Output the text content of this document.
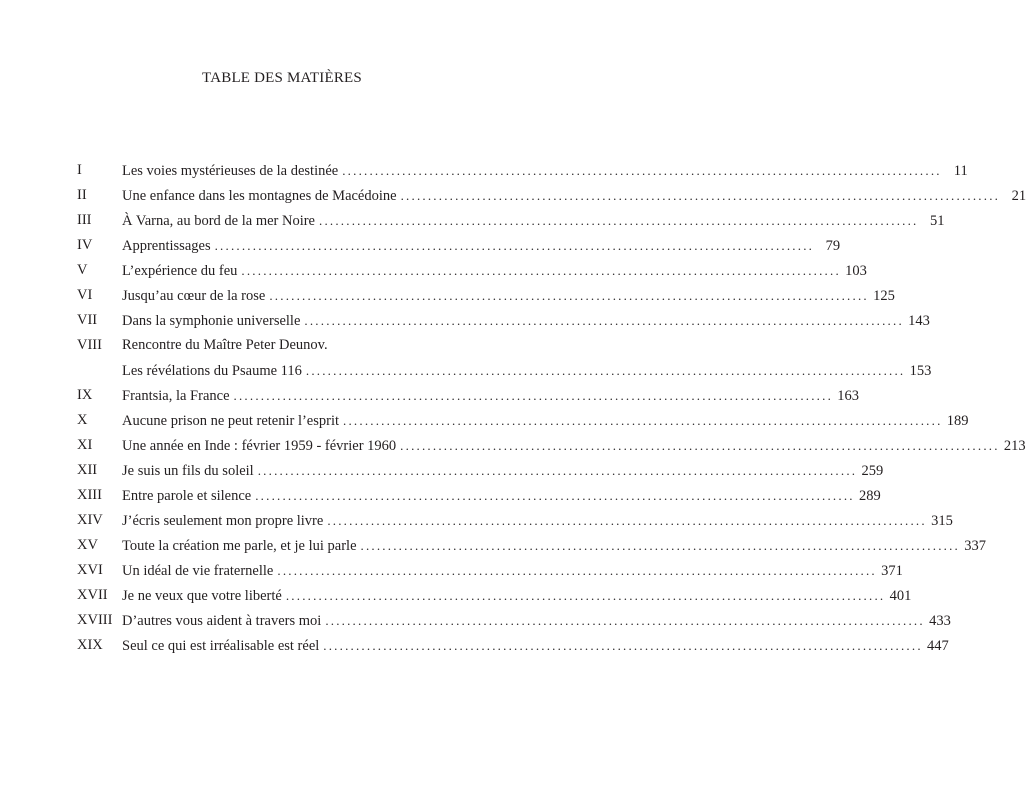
TABLE DES MATIÈRES
I	Les voies mystérieuses de la destinée .............................................................................................................. 11
II	Une enfance dans les montagnes de Macédoine .............................................................................................................. 21
III	À Varna, au bord de la mer Noire .............................................................................................................. 51
IV	Apprentissages .............................................................................................................. 79
V	L’expérience du feu .............................................................................................................. 103
VI	Jusqu’au cœur de la rose .............................................................................................................. 125
VII	Dans la symphonie universelle .............................................................................................................. 143
VIII	Rencontre du Maître Peter Deunov.
Les révélations du Psaume 116 .............................................................................................................. 153
IX	Frantsia, la France .............................................................................................................. 163
X	Aucune prison ne peut retenir l’esprit .............................................................................................................. 189
XI	Une année en Inde : février 1959 - février 1960 .............................................................................................................. 213
XII	Je suis un fils du soleil .............................................................................................................. 259
XIII	Entre parole et silence .............................................................................................................. 289
XIV	J’écris seulement mon propre livre .............................................................................................................. 315
XV	Toute la création me parle, et je lui parle .............................................................................................................. 337
XVI	Un idéal de vie fraternelle .............................................................................................................. 371
XVII Je ne veux que votre liberté .............................................................................................................. 401
XVIII D’autres vous aident à travers moi .............................................................................................................. 433
XIX	Seul ce qui est irréalisable est réel .............................................................................................................. 447
